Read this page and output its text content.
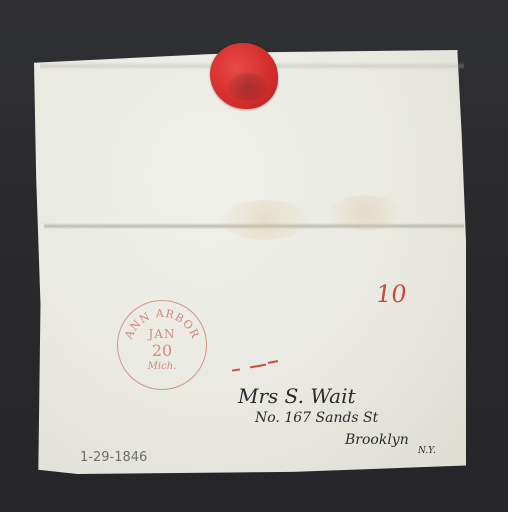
ANN ARBOR
JAN
20
Mich.
10
Mrs S. Wait
No. 167 Sands St
Brooklyn
N.Y.
1-29-1846
